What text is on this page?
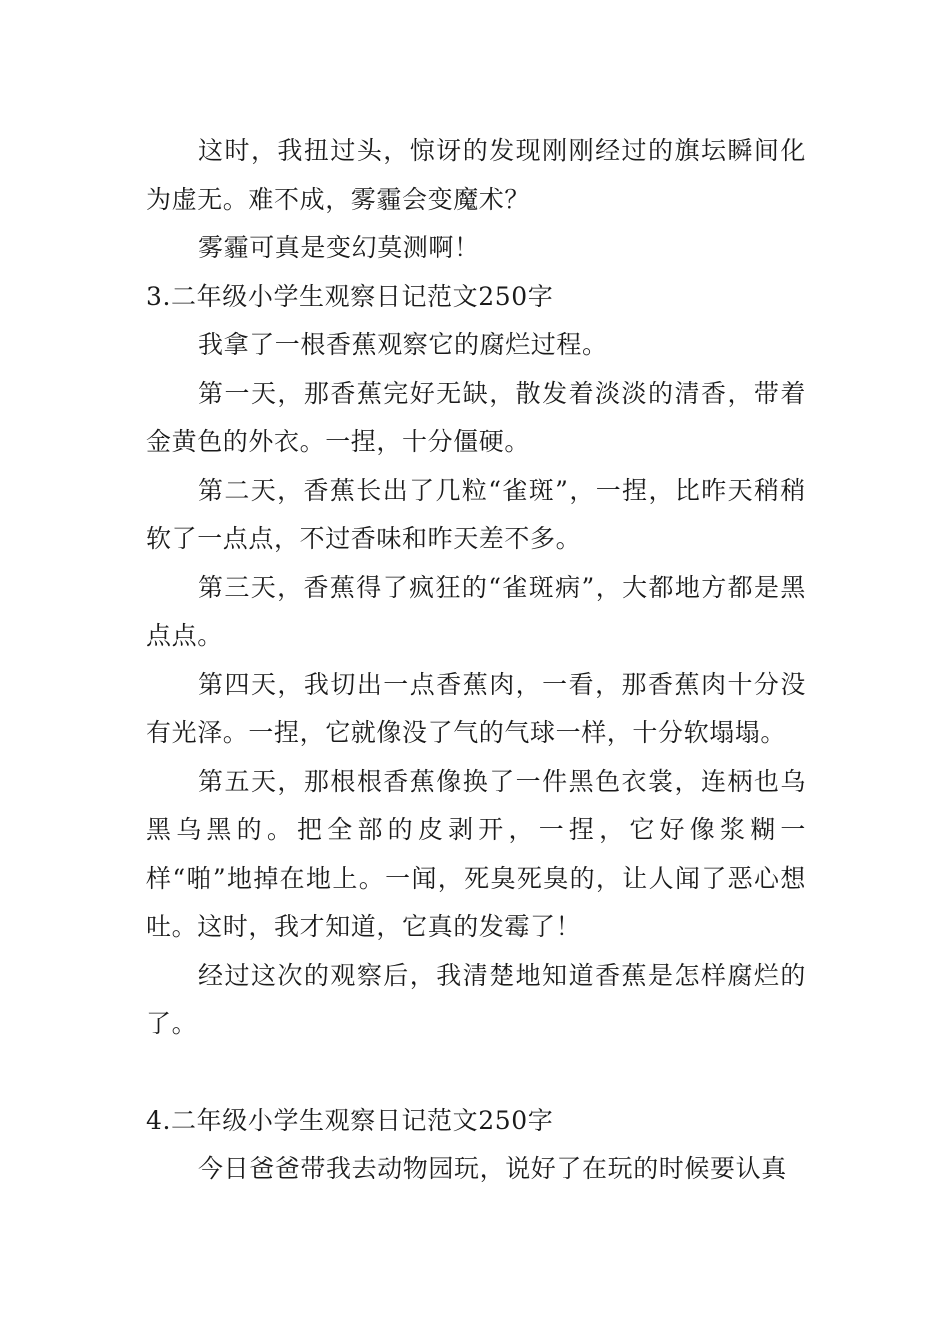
这时，我扭过头，惊讶的发现刚刚经过的旗坛瞬间化为虚无。难不成，雾霾会变魔术？

雾霾可真是变幻莫测啊！

3.二年级小学生观察日记范文250字

我拿了一根香蕉观察它的腐烂过程。

第一天，那香蕉完好无缺，散发着淡淡的清香，带着金黄色的外衣。一捏，十分僵硬。

第二天，香蕉长出了几粒“雀斑”，一捏，比昨天稍稍软了一点点，不过香味和昨天差不多。

第三天，香蕉得了疯狂的“雀斑病”，大都地方都是黑点点。

第四天，我切出一点香蕉肉，一看，那香蕉肉十分没有光泽。一捏，它就像没了气的气球一样，十分软塌塌。

第五天，那根根香蕉像换了一件黑色衣裳，连柄也乌黑乌黑的。把全部的皮剥开，一捏，它好像浆糊一样“啪”地掉在地上。一闻，死臭死臭的，让人闻了恶心想吐。这时，我才知道，它真的发霉了！

经过这次的观察后，我清楚地知道香蕉是怎样腐烂的了。

4.二年级小学生观察日记范文250字

今日爸爸带我去动物园玩，说好了在玩的时候要认真
